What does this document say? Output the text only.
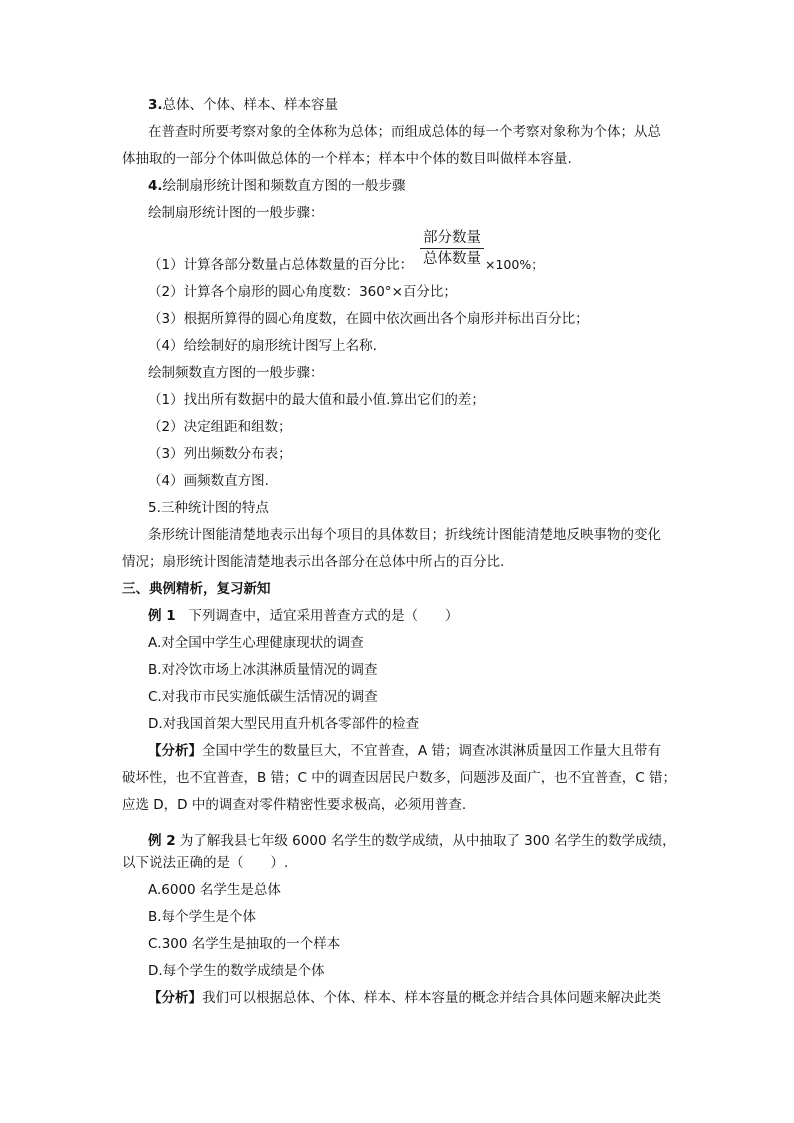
3.总体、个体、样本、样本容量
在普查时所要考察对象的全体称为总体；而组成总体的每一个考察对象称为个体；从总
体抽取的一部分个体叫做总体的一个样本；样本中个体的数目叫做样本容量.
4.绘制扇形统计图和频数直方图的一般步骤
绘制扇形统计图的一般步骤：
（1）计算各部分数量占总体数量的百分比：
部分数量
总体数量 ×100%；
（2）计算各个扇形的圆心角度数：360°×百分比；
（3）根据所算得的圆心角度数，在圆中依次画出各个扇形并标出百分比；
（4）给绘制好的扇形统计图写上名称.
绘制频数直方图的一般步骤：
（1）找出所有数据中的最大值和最小值.算出它们的差；
（2）决定组距和组数；
（3）列出频数分布表；
（4）画频数直方图.
5.三种统计图的特点
条形统计图能清楚地表示出每个项目的具体数目；折线统计图能清楚地反映事物的变化
情况；扇形统计图能清楚地表示出各部分在总体中所占的百分比.
三、典例精析，复习新知
例 1 下列调查中，适宜采用普查方式的是（　　）
A.对全国中学生心理健康现状的调查
B.对冷饮市场上冰淇淋质量情况的调查
C.对我市市民实施低碳生活情况的调查
D.对我国首架大型民用直升机各零部件的检查
【分析】全国中学生的数量巨大，不宜普查，A 错；调查冰淇淋质量因工作量大且带有
破坏性，也不宜普查，B 错；C 中的调查因居民户数多，问题涉及面广，也不宜普查，C 错；
应选 D，D 中的调查对零件精密性要求极高，必须用普查.
例 2 为了解我县七年级 6000 名学生的数学成绩，从中抽取了 300 名学生的数学成绩，
以下说法正确的是（　　）.
A.6000 名学生是总体
B.每个学生是个体
C.300 名学生是抽取的一个样本
D.每个学生的数学成绩是个体
【分析】我们可以根据总体、个体、样本、样本容量的概念并结合具体问题来解决此类
